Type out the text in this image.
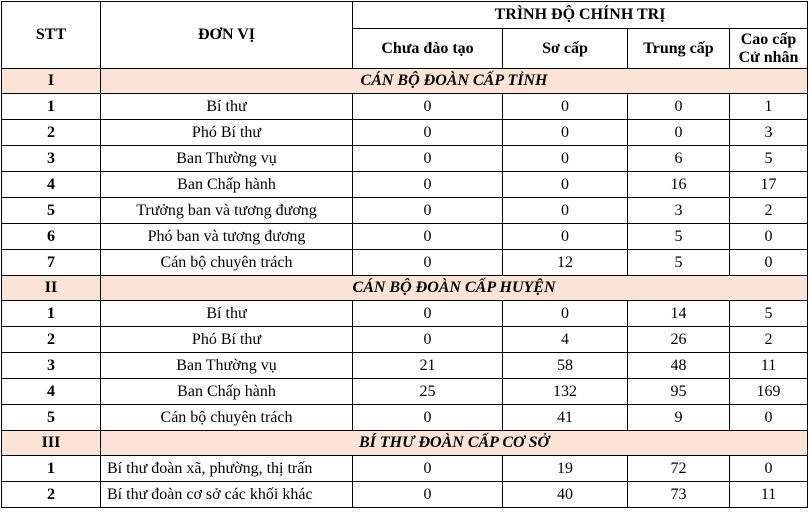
STT	ĐƠN VỊ	TRÌNH ĐỘ CHÍNH TRỊ			
		Chưa đào tạo	Sơ cấp	Trung cấp	Cao cấp
Cử nhân
I	CÁN BỘ ĐOÀN CẤP TỈNH				
1	Bí thư	0	0	0	1
2	Phó Bí thư	0	0	0	3
3	Ban Thường vụ	0	0	6	5
4	Ban Chấp hành	0	0	16	17
5	Trưởng ban và tương đương	0	0	3	2
6	Phó ban và tương đương	0	0	5	0
7	Cán bộ chuyên trách	0	12	5	0
II	CÁN BỘ ĐOÀN CẤP HUYỆN				
1	Bí thư	0	0	14	5
2	Phó Bí thư	0	4	26	2
3	Ban Thường vụ	21	58	48	11
4	Ban Chấp hành	25	132	95	169
5	Cán bộ chuyên trách	0	41	9	0
III	BÍ THƯ ĐOÀN CẤP CƠ SỞ				
1	Bí thư đoàn xã, phường, thị trấn	0	19	72	0
2	Bí thư đoàn cơ sở các khối khác	0	40	73	11
